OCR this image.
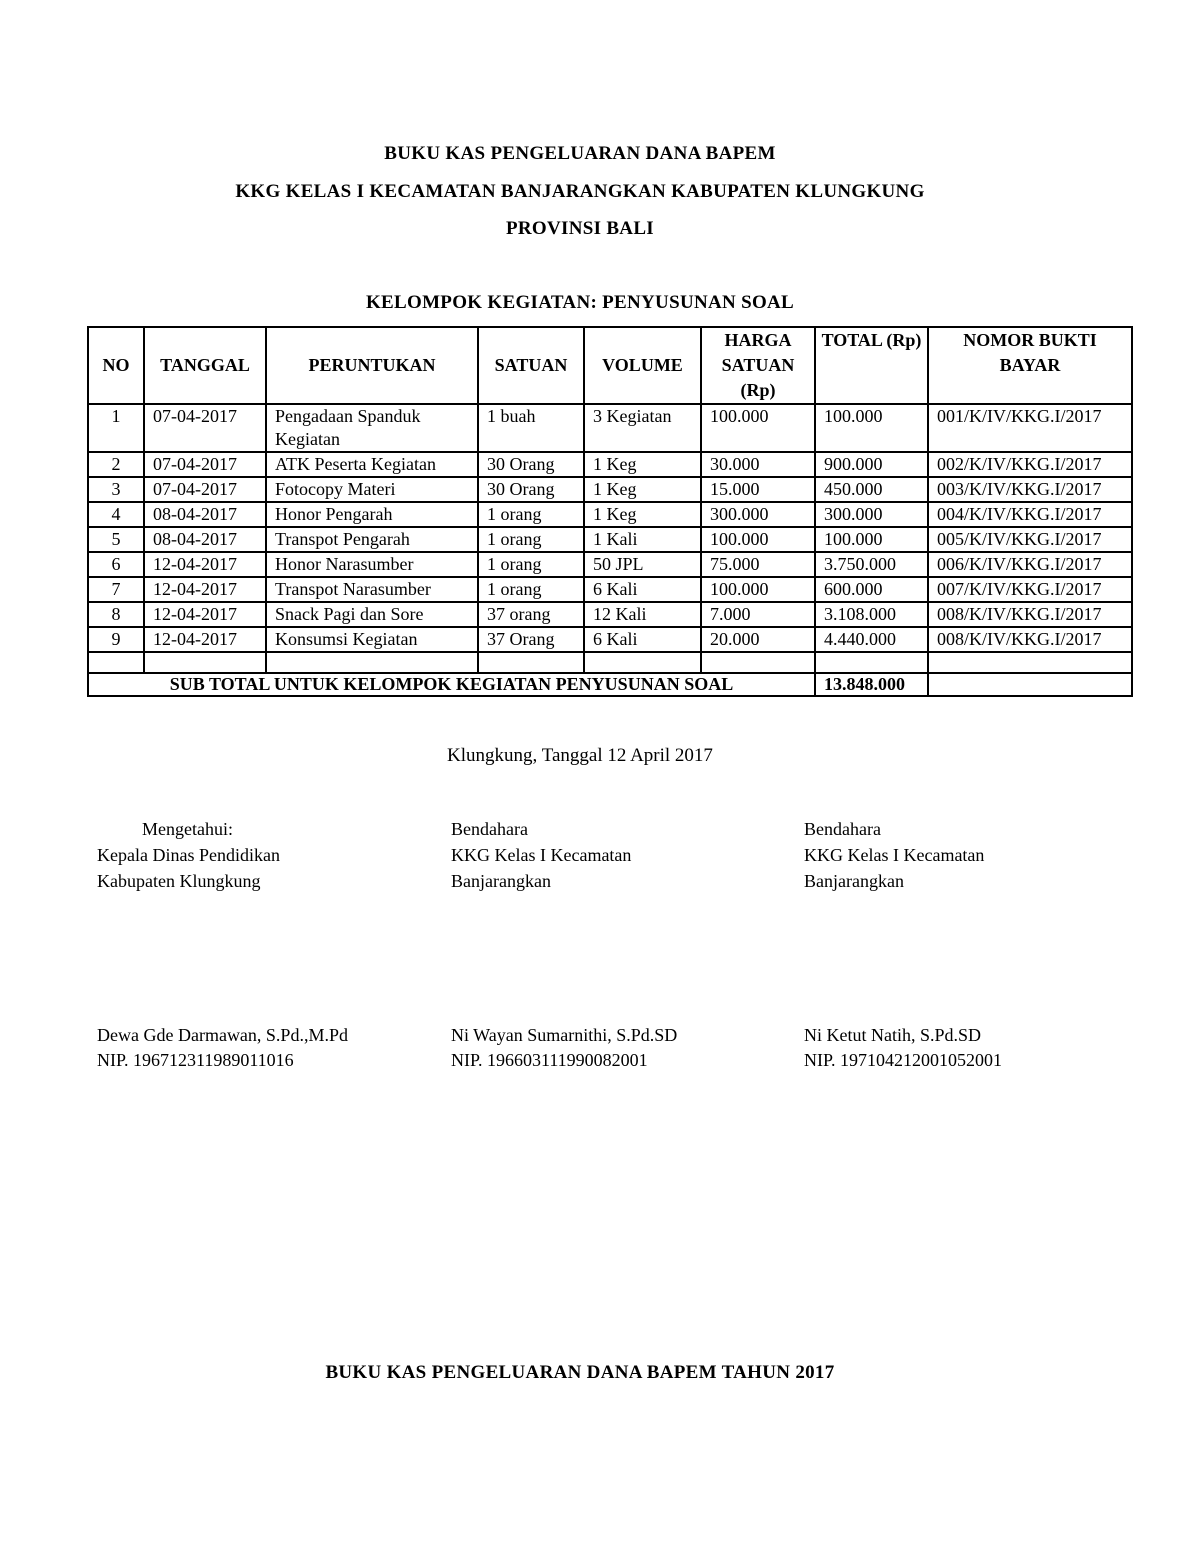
BUKU KAS PENGELUARAN DANA BAPEM
KKG KELAS I KECAMATAN BANJARANGKAN KABUPATEN KLUNGKUNG
PROVINSI BALI
KELOMPOK KEGIATAN: PENYUSUNAN SOAL
NO	TANGGAL	PERUNTUKAN	SATUAN	VOLUME	HARGA SATUAN (Rp)	TOTAL (Rp)	NOMOR BUKTI BAYAR
1	07-04-2017	Pengadaan Spanduk Kegiatan	1 buah	3 Kegiatan	100.000	100.000	001/K/IV/KKG.I/2017
2	07-04-2017	ATK Peserta Kegiatan	30 Orang	1 Keg	30.000	900.000	002/K/IV/KKG.I/2017
3	07-04-2017	Fotocopy Materi	30 Orang	1 Keg	15.000	450.000	003/K/IV/KKG.I/2017
4	08-04-2017	Honor Pengarah	1 orang	1 Keg	300.000	300.000	004/K/IV/KKG.I/2017
5	08-04-2017	Transpot Pengarah	1 orang	1 Kali	100.000	100.000	005/K/IV/KKG.I/2017
6	12-04-2017	Honor Narasumber	1 orang	50 JPL	75.000	3.750.000	006/K/IV/KKG.I/2017
7	12-04-2017	Transpot Narasumber	1 orang	6 Kali	100.000	600.000	007/K/IV/KKG.I/2017
8	12-04-2017	Snack Pagi dan Sore	37 orang	12 Kali	7.000	3.108.000	008/K/IV/KKG.I/2017
9	12-04-2017	Konsumsi Kegiatan	37 Orang	6 Kali	20.000	4.440.000	008/K/IV/KKG.I/2017

SUB TOTAL UNTUK KELOMPOK KEGIATAN PENYUSUNAN SOAL						13.848.000	
Klungkung, Tanggal 12 April 2017
Mengetahui:
Kepala Dinas Pendidikan
Kabupaten Klungkung
Bendahara
KKG Kelas I Kecamatan
Banjarangkan
Bendahara
KKG Kelas I Kecamatan
Banjarangkan
Dewa Gde Darmawan, S.Pd.,M.Pd
NIP. 196712311989011016
Ni Wayan Sumarnithi, S.Pd.SD
NIP. 196603111990082001
Ni Ketut Natih, S.Pd.SD
NIP. 197104212001052001
BUKU KAS PENGELUARAN DANA BAPEM TAHUN 2017
